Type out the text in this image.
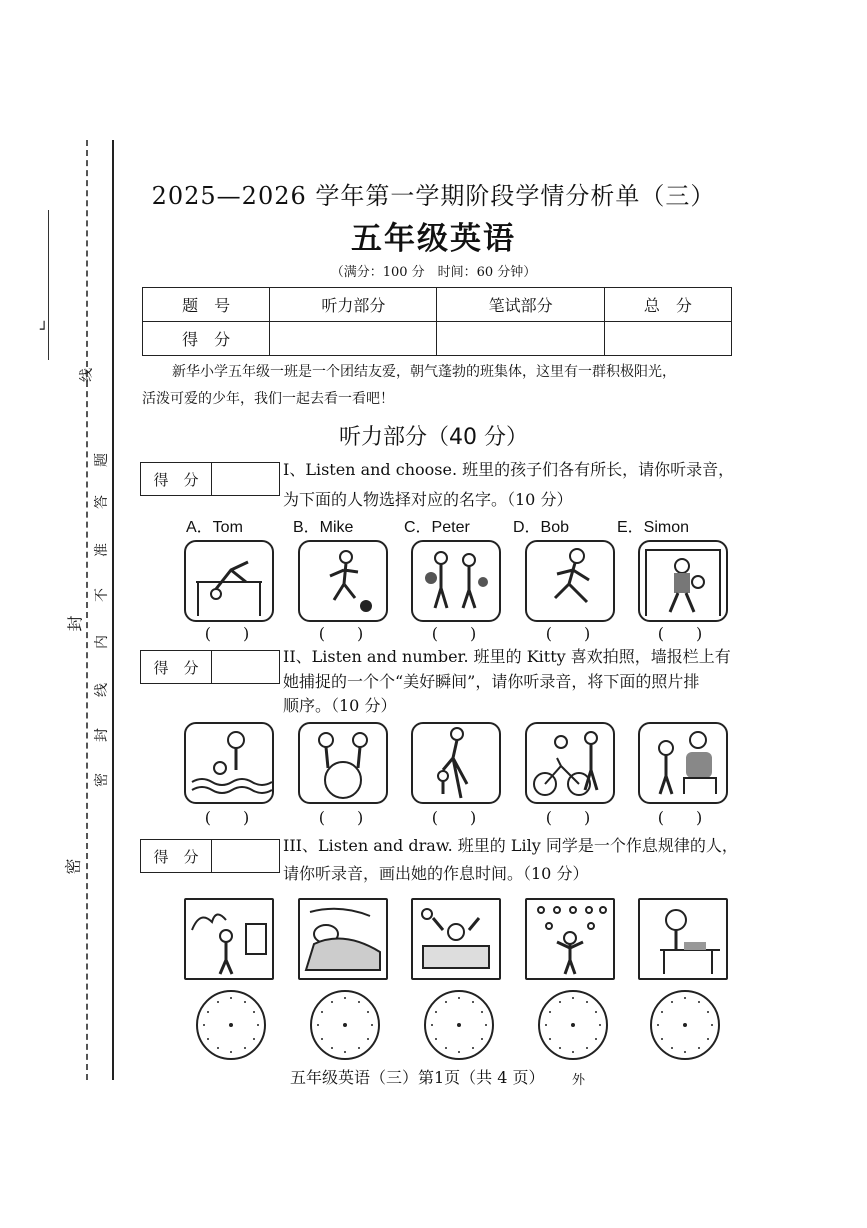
┘
线
题
答
准
不
内
线
封
密
封
密
2025—2026 学年第一学期阶段学情分析单（三）
五年级英语
（满分：100 分　时间：60 分钟）
题　号	听力部分	笔试部分	总　分
得　分			
新华小学五年级一班是一个团结友爱，朝气蓬勃的班集体，这里有一群积极阳光，
活泼可爱的少年，我们一起去看一看吧！
听力部分（40 分）
得　分
I、Listen and choose. 班里的孩子们各有所长，请你听录音，
为下面的人物选择对应的名字。（10 分）
A．Tom	B．Mike	C．Peter	D．Bob	E．Simon
(　　)	(　　)	(　　)	(　　)	(　　)
得　分
II、Listen and number. 班里的 Kitty 喜欢拍照，墙报栏上有
她捕捉的一个个“美好瞬间”，请你听录音，将下面的照片排
顺序。（10 分）
(　　)	(　　)	(　　)	(　　)	(　　)
得　分
III、Listen and draw. 班里的 Lily 同学是一个作息规律的人，
请你听录音，画出她的作息时间。（10 分）
五年级英语（三）第1页（共 4 页） 外
